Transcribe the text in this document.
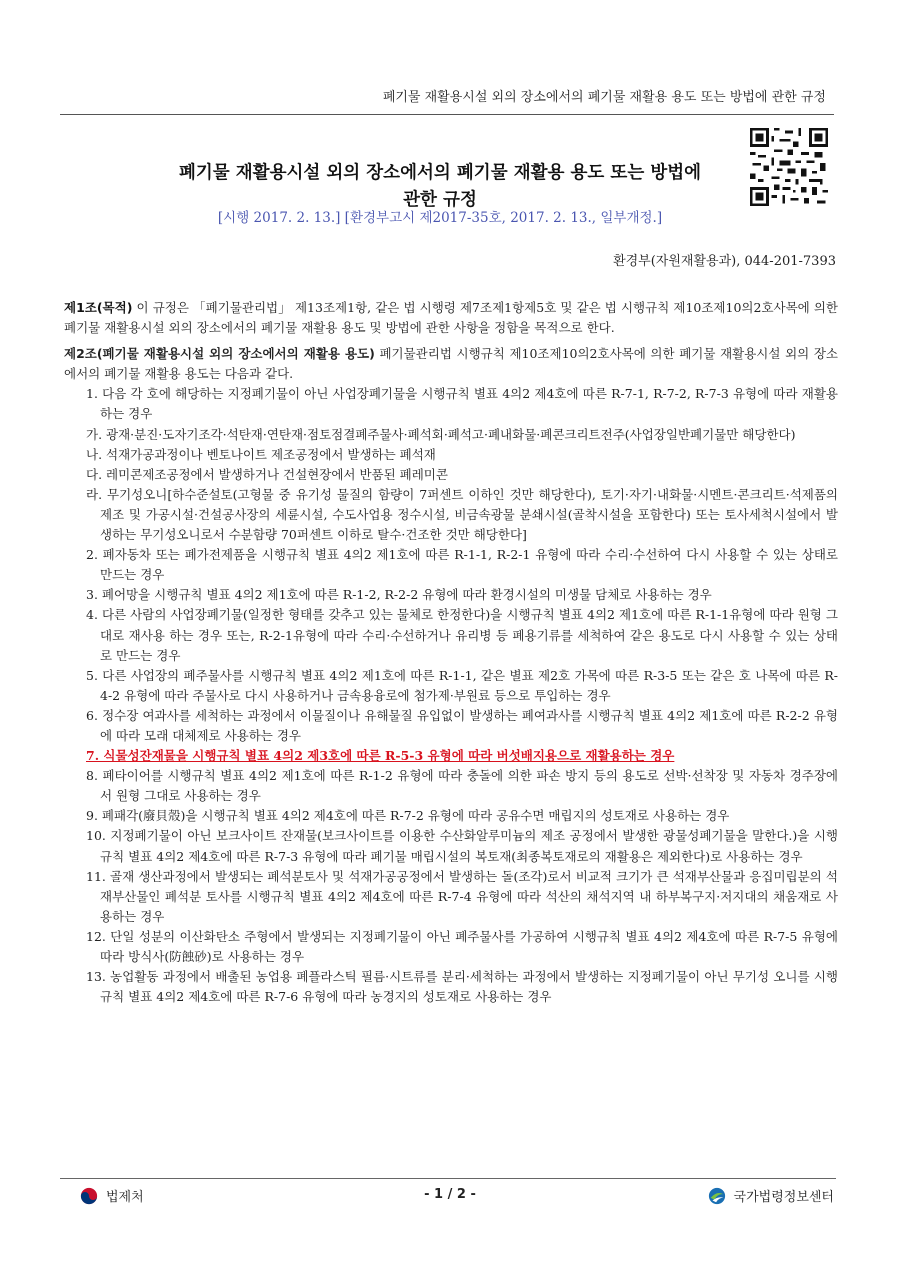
폐기물 재활용시설 외의 장소에서의 폐기물 재활용 용도 또는 방법에 관한 규정
폐기물 재활용시설 외의 장소에서의 폐기물 재활용 용도 또는 방법에
관한 규정
[시행 2017. 2. 13.] [환경부고시 제2017-35호, 2017. 2. 13., 일부개정.]
환경부(자원재활용과), 044-201-7393

제1조(목적) 이 규정은 「폐기물관리법」 제13조제1항, 같은 법 시행령 제7조제1항제5호 및 같은 법 시행규칙 제10조제10의2호사목에 의한 폐기물 재활용시설 외의 장소에서의 폐기물 재활용 용도 및 방법에 관한 사항을 정함을 목적으로 한다.

제2조(폐기물 재활용시설 외의 장소에서의 재활용 용도) 폐기물관리법 시행규칙 제10조제10의2호사목에 의한 폐기물 재활용시설 외의 장소에서의 폐기물 재활용 용도는 다음과 같다.

1. 다음 각 호에 해당하는 지정폐기물이 아닌 사업장폐기물을 시행규칙 별표 4의2 제4호에 따른 R-7-1, R-7-2, R-7-3 유형에 따라 재활용하는 경우

가. 광재·분진·도자기조각·석탄재·연탄재·점토점결폐주물사·폐석회·폐석고·폐내화물·폐콘크리트전주(사업장일반폐기물만 해당한다)

나. 석재가공과정이나 벤토나이트 제조공정에서 발생하는 폐석재

다. 레미콘제조공정에서 발생하거나 건설현장에서 반품된 폐레미콘

라. 무기성오니[하수준설토(고형물 중 유기성 물질의 함량이 7퍼센트 이하인 것만 해당한다), 토기·자기·내화물·시멘트·콘크리트·석제품의 제조 및 가공시설·건설공사장의 세륜시설, 수도사업용 정수시설, 비금속광물 분쇄시설(골착시설을 포함한다) 또는 토사세척시설에서 발생하는 무기성오니로서 수분함량 70퍼센트 이하로 탈수·건조한 것만 해당한다]

2. 폐자동차 또는 폐가전제품을 시행규칙 별표 4의2 제1호에 따른 R-1-1, R-2-1 유형에 따라 수리·수선하여 다시 사용할 수 있는 상태로 만드는 경우

3. 폐어망을 시행규칙 별표 4의2 제1호에 따른 R-1-2, R-2-2 유형에 따라 환경시설의 미생물 담체로 사용하는 경우

4. 다른 사람의 사업장폐기물(일정한 형태를 갖추고 있는 물체로 한정한다)을 시행규칙 별표 4의2 제1호에 따른 R-1-1유형에 따라 원형 그대로 재사용 하는 경우 또는, R-2-1유형에 따라 수리·수선하거나 유리병 등 폐용기류를 세척하여 같은 용도로 다시 사용할 수 있는 상태로 만드는 경우

5. 다른 사업장의 폐주물사를 시행규칙 별표 4의2 제1호에 따른 R-1-1, 같은 별표 제2호 가목에 따른 R-3-5 또는 같은 호 나목에 따른 R-4-2 유형에 따라 주물사로 다시 사용하거나 금속용융로에 첨가제·부원료 등으로 투입하는 경우

6. 정수장 여과사를 세척하는 과정에서 이물질이나 유해물질 유입없이 발생하는 폐여과사를 시행규칙 별표 4의2 제1호에 따른 R-2-2 유형에 따라 모래 대체제로 사용하는 경우

7. 식물성잔재물을 시행규칙 별표 4의2 제3호에 따른 R-5-3 유형에 따라 버섯배지용으로 재활용하는 경우

8. 폐타이어를 시행규칙 별표 4의2 제1호에 따른 R-1-2 유형에 따라 충돌에 의한 파손 방지 등의 용도로 선박·선착장 및 자동차 경주장에서 원형 그대로 사용하는 경우

9. 폐패각(廢貝殼)을 시행규칙 별표 4의2 제4호에 따른 R-7-2 유형에 따라 공유수면 매립지의 성토재로 사용하는 경우

10. 지정폐기물이 아닌 보크사이트 잔재물(보크사이트를 이용한 수산화알루미늄의 제조 공정에서 발생한 광물성폐기물을 말한다.)을 시행규칙 별표 4의2 제4호에 따른 R-7-3 유형에 따라 폐기물 매립시설의 복토재(최종복토재로의 재활용은 제외한다)로 사용하는 경우

11. 골재 생산과정에서 발생되는 폐석분토사 및 석재가공공정에서 발생하는 돌(조각)로서 비교적 크기가 큰 석재부산물과 응집미립분의 석재부산물인 폐석분 토사를 시행규칙 별표 4의2 제4호에 따른 R-7-4 유형에 따라 석산의 채석지역 내 하부복구지·저지대의 채움재로 사용하는 경우

12. 단일 성분의 이산화탄소 주형에서 발생되는 지정폐기물이 아닌 폐주물사를 가공하여 시행규칙 별표 4의2 제4호에 따른 R-7-5 유형에 따라 방식사(防蝕砂)로 사용하는 경우

13. 농업활동 과정에서 배출된 농업용 폐플라스틱 필름·시트류를 분리·세척하는 과정에서 발생하는 지정폐기물이 아닌 무기성 오니를 시행규칙 별표 4의2 제4호에 따른 R-7-6 유형에 따라 농경지의 성토재로 사용하는 경우

법제처	- 1 / 2 -	국가법령정보센터
